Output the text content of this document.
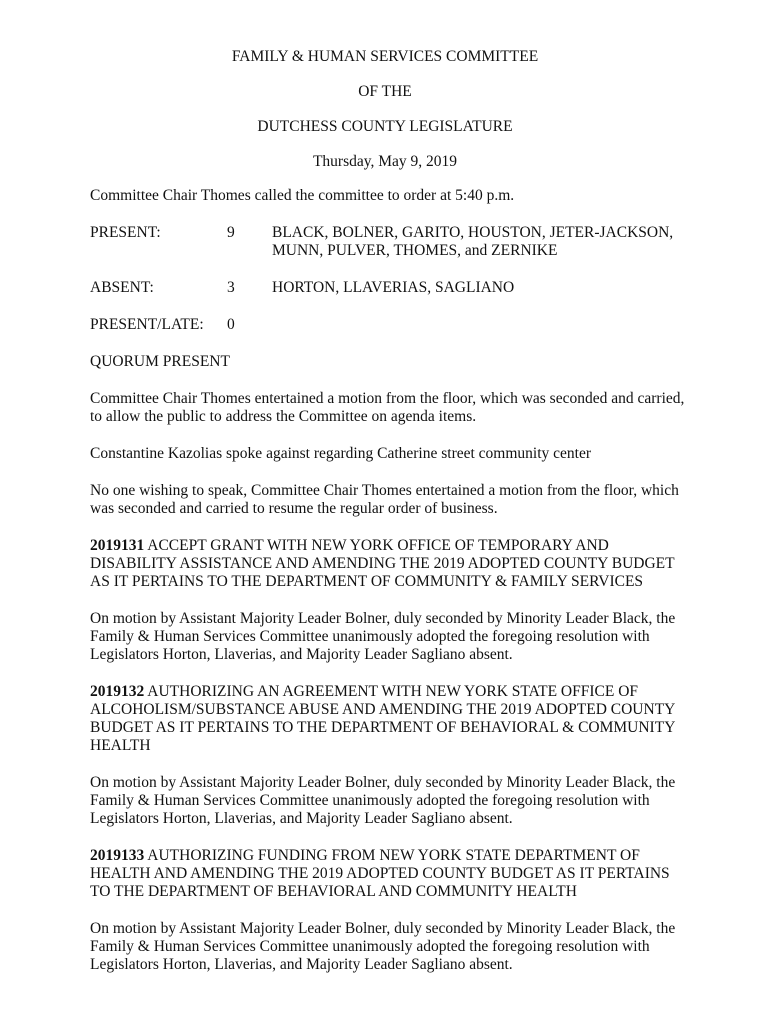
FAMILY & HUMAN SERVICES COMMITTEE
OF THE
DUTCHESS COUNTY LEGISLATURE
Thursday, May 9, 2019
Committee Chair Thomes called the committee to order at 5:40 p.m.
PRESENT:	9	BLACK, BOLNER, GARITO, HOUSTON, JETER-JACKSON,
MUNN, PULVER, THOMES, and ZERNIKE
ABSENT:	3	HORTON, LLAVERIAS, SAGLIANO
PRESENT/LATE:	0
QUORUM PRESENT
Committee Chair Thomes entertained a motion from the floor, which was seconded and carried,
to allow the public to address the Committee on agenda items.
Constantine Kazolias spoke against regarding Catherine street community center
No one wishing to speak, Committee Chair Thomes entertained a motion from the floor, which
was seconded and carried to resume the regular order of business.
2019131 ACCEPT GRANT WITH NEW YORK OFFICE OF TEMPORARY AND
DISABILITY ASSISTANCE AND AMENDING THE 2019 ADOPTED COUNTY BUDGET
AS IT PERTAINS TO THE DEPARTMENT OF COMMUNITY & FAMILY SERVICES
On motion by Assistant Majority Leader Bolner, duly seconded by Minority Leader Black, the
Family & Human Services Committee unanimously adopted the foregoing resolution with
Legislators Horton, Llaverias, and Majority Leader Sagliano absent.
2019132 AUTHORIZING AN AGREEMENT WITH NEW YORK STATE OFFICE OF
ALCOHOLISM/SUBSTANCE ABUSE AND AMENDING THE 2019 ADOPTED COUNTY
BUDGET AS IT PERTAINS TO THE DEPARTMENT OF BEHAVIORAL & COMMUNITY
HEALTH
On motion by Assistant Majority Leader Bolner, duly seconded by Minority Leader Black, the
Family & Human Services Committee unanimously adopted the foregoing resolution with
Legislators Horton, Llaverias, and Majority Leader Sagliano absent.
2019133 AUTHORIZING FUNDING FROM NEW YORK STATE DEPARTMENT OF
HEALTH AND AMENDING THE 2019 ADOPTED COUNTY BUDGET AS IT PERTAINS
TO THE DEPARTMENT OF BEHAVIORAL AND COMMUNITY HEALTH
On motion by Assistant Majority Leader Bolner, duly seconded by Minority Leader Black, the
Family & Human Services Committee unanimously adopted the foregoing resolution with
Legislators Horton, Llaverias, and Majority Leader Sagliano absent.
